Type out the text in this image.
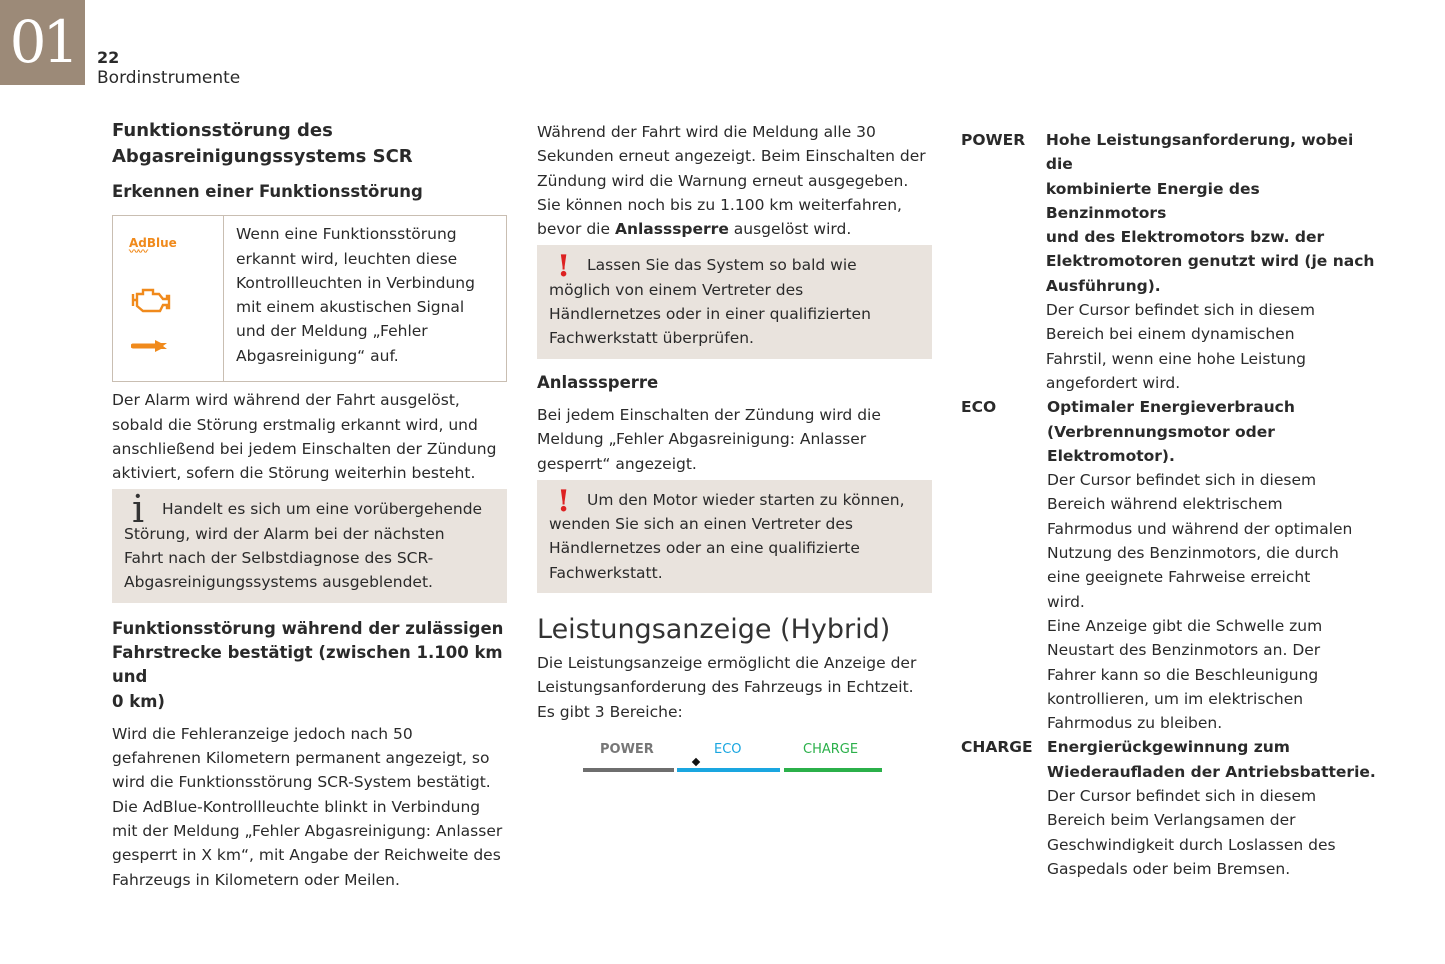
01	22
Bordinstrumente
Funktionsstörung des
Abgasreinigungssystems SCR
Erkennen einer Funktionsstörung
AdBlue
〰〰
Wenn eine Funktionsstörung
erkannt wird, leuchten diese
Kontrollleuchten in Verbindung
mit einem akustischen Signal
und der Meldung „Fehler
Abgasreinigung“ auf.
Der Alarm wird während der Fahrt ausgelöst,
sobald die Störung erstmalig erkannt wird, und
anschließend bei jedem Einschalten der Zündung
aktiviert, sofern die Störung weiterhin besteht.
i Handelt es sich um eine vorübergehende
Störung, wird der Alarm bei der nächsten
Fahrt nach der Selbstdiagnose des SCR-
Abgasreinigungssystems ausgeblendet.
Funktionsstörung während der zulässigen
Fahrstrecke bestätigt (zwischen 1.100 km und
0 km)
Wird die Fehleranzeige jedoch nach 50
gefahrenen Kilometern permanent angezeigt, so
wird die Funktionsstörung SCR-System bestätigt.
Die AdBlue-Kontrollleuchte blinkt in Verbindung
mit der Meldung „Fehler Abgasreinigung: Anlasser
gesperrt in X km“, mit Angabe der Reichweite des
Fahrzeugs in Kilometern oder Meilen.
Während der Fahrt wird die Meldung alle 30
Sekunden erneut angezeigt. Beim Einschalten der
Zündung wird die Warnung erneut ausgegeben.
Sie können noch bis zu 1.100 km weiterfahren,
bevor die Anlasssperre ausgelöst wird.
! Lassen Sie das System so bald wie
möglich von einem Vertreter des
Händlernetzes oder in einer qualifizierten
Fachwerkstatt überprüfen.
Anlasssperre
Bei jedem Einschalten der Zündung wird die
Meldung „Fehler Abgasreinigung: Anlasser
gesperrt“ angezeigt.
! Um den Motor wieder starten zu können,
wenden Sie sich an einen Vertreter des
Händlernetzes oder an eine qualifizierte
Fachwerkstatt.
Leistungsanzeige (Hybrid)
Die Leistungsanzeige ermöglicht die Anzeige der
Leistungsanforderung des Fahrzeugs in Echtzeit.
Es gibt 3 Bereiche:
POWER	ECO	CHARGE
POWER	Hohe Leistungsanforderung, wobei die
kombinierte Energie des Benzinmotors
und des Elektromotors bzw. der
Elektromotoren genutzt wird (je nach
Ausführung).
Der Cursor befindet sich in diesem
Bereich bei einem dynamischen
Fahrstil, wenn eine hohe Leistung
angefordert wird.
ECO	Optimaler Energieverbrauch
(Verbrennungsmotor oder
Elektromotor).
Der Cursor befindet sich in diesem
Bereich während elektrischem
Fahrmodus und während der optimalen
Nutzung des Benzinmotors, die durch
eine geeignete Fahrweise erreicht
wird.
Eine Anzeige gibt die Schwelle zum
Neustart des Benzinmotors an. Der
Fahrer kann so die Beschleunigung
kontrollieren, um im elektrischen
Fahrmodus zu bleiben.
CHARGE Energierückgewinnung zum
Wiederaufladen der Antriebsbatterie.
Der Cursor befindet sich in diesem
Bereich beim Verlangsamen der
Geschwindigkeit durch Loslassen des
Gaspedals oder beim Bremsen.
